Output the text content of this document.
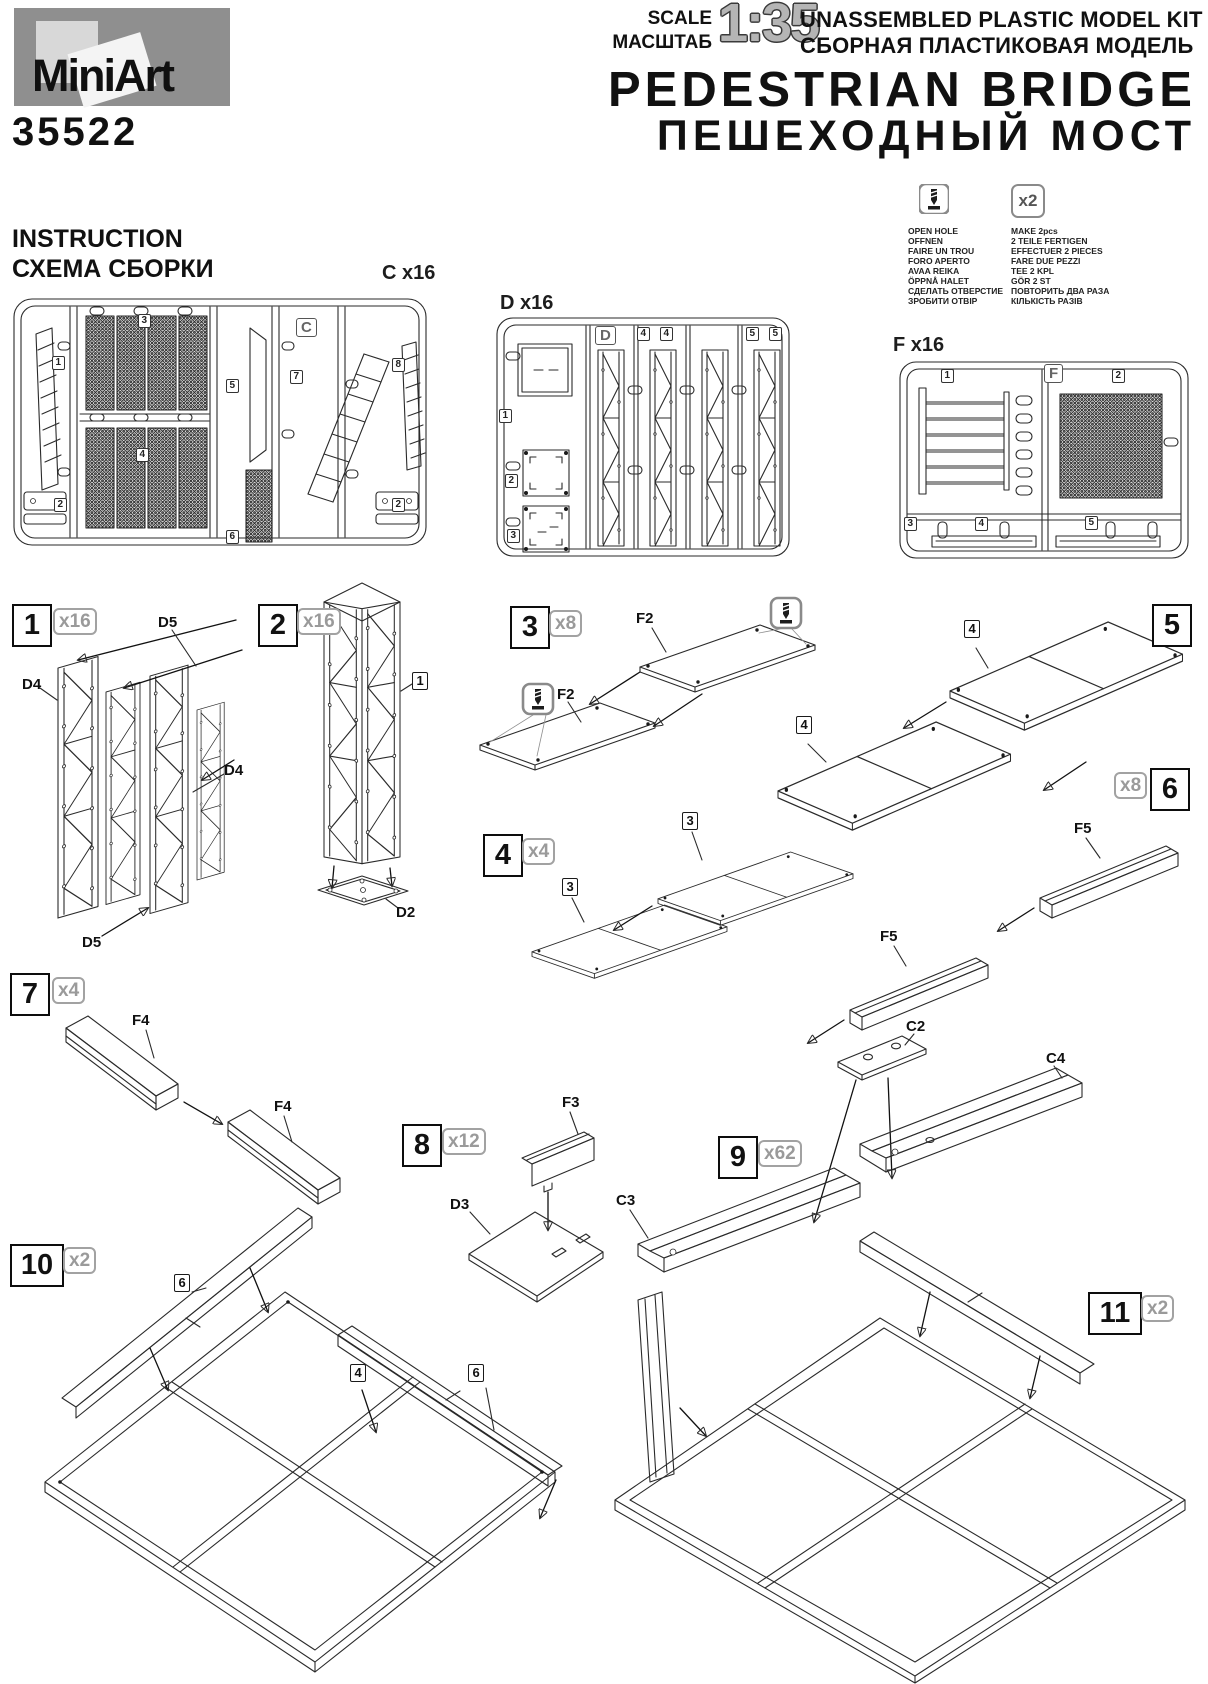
MiniArt
35522
SCALE
МАСШТАБ 1:35
UNASSEMBLED PLASTIC MODEL KIT
СБОРНАЯ ПЛАСТИКОВАЯ МОДЕЛЬ
PEDESTRIAN BRIDGE
ПЕШЕХОДНЫЙ МОСТ
INSTRUCTION
СХЕМА СБОРКИ
x2
OPEN HOLE
OFFNEN
FAIRE UN TROU
FORO APERTO
AVAA REIKA
ÖPPNÅ HALET
СДЕЛАТЬ ОТВЕРСТИЕ
ЗРОБИТИ ОТВІР
MAKE 2pcs
2 TEILE FERTIGEN
EFFECTUER 2 PIECES
FARE DUE PEZZI
TEE 2 KPL
GÖR 2 ST
ПОВТОРИТЬ ДВА РАЗА
КІЛЬКІСТЬ РАЗІВ
C x16
D x16
F x16
C
1
3
5
7
8
2
4
6
2
D	4	4	5	5
1
2
3
1	F	2
3	4	5
1 x16	2 x16	3 x8
4 x4
5
x8 6
7	x4
8 x12	9 x62
10 x2
11 x2
D5
D4
D4
D5
1
D2
F2
F2
3
3
4
4
F5
F5
F4
F4	F3
D3
C2
C4
C3
6
4	6
